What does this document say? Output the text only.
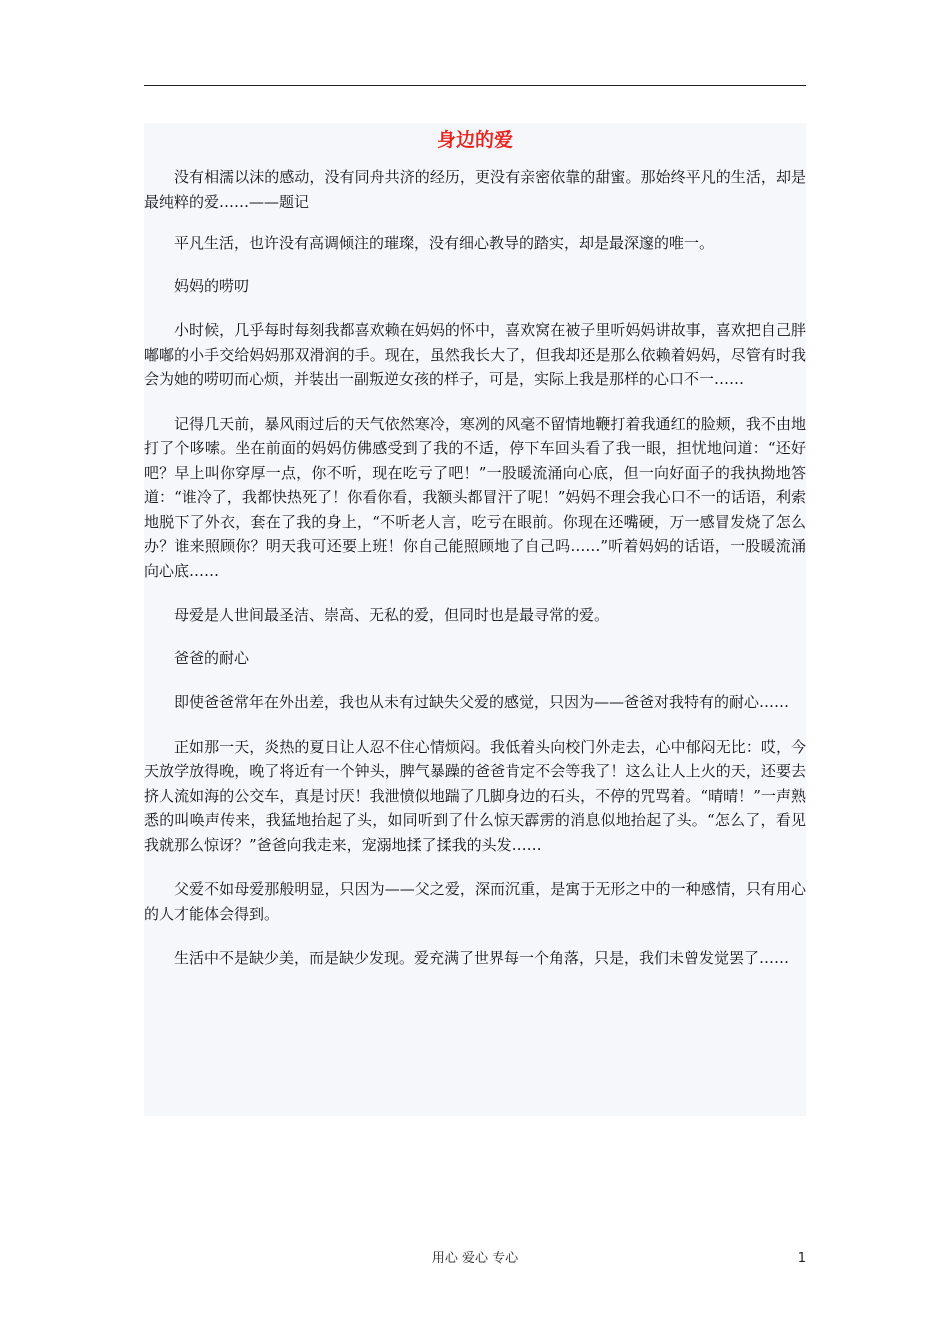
身边的爱

没有相濡以沫的感动，没有同舟共济的经历，更没有亲密依靠的甜蜜。那始终平凡的生活，却是最纯粹的爱……——题记

平凡生活，也许没有高调倾注的璀璨，没有细心教导的踏实，却是最深邃的唯一。

妈妈的唠叨

小时候，几乎每时每刻我都喜欢赖在妈妈的怀中，喜欢窝在被子里听妈妈讲故事，喜欢把自己胖嘟嘟的小手交给妈妈那双滑润的手。现在，虽然我长大了，但我却还是那么依赖着妈妈，尽管有时我会为她的唠叨而心烦，并装出一副叛逆女孩的样子，可是，实际上我是那样的心口不一……

记得几天前，暴风雨过后的天气依然寒冷，寒冽的风毫不留情地鞭打着我通红的脸颊，我不由地打了个哆嗦。坐在前面的妈妈仿佛感受到了我的不适，停下车回头看了我一眼，担忧地问道：“还好吧？早上叫你穿厚一点，你不听，现在吃亏了吧！”一股暖流涌向心底，但一向好面子的我执拗地答道：“谁冷了，我都快热死了！你看你看，我额头都冒汗了呢！”妈妈不理会我心口不一的话语，利索地脱下了外衣，套在了我的身上，“不听老人言，吃亏在眼前。你现在还嘴硬，万一感冒发烧了怎么办？谁来照顾你？明天我可还要上班！你自己能照顾地了自己吗……”听着妈妈的话语，一股暖流涌向心底……

母爱是人世间最圣洁、崇高、无私的爱，但同时也是最寻常的爱。

爸爸的耐心

即使爸爸常年在外出差，我也从未有过缺失父爱的感觉，只因为——爸爸对我特有的耐心……

正如那一天，炎热的夏日让人忍不住心情烦闷。我低着头向校门外走去，心中郁闷无比：哎，今天放学放得晚，晚了将近有一个钟头，脾气暴躁的爸爸肯定不会等我了！这么让人上火的天，还要去挤人流如海的公交车，真是讨厌！我泄愤似地踹了几脚身边的石头，不停的咒骂着。“晴晴！”一声熟悉的叫唤声传来，我猛地抬起了头，如同听到了什么惊天霹雳的消息似地抬起了头。“怎么了，看见我就那么惊讶？”爸爸向我走来，宠溺地揉了揉我的头发……

父爱不如母爱那般明显，只因为——父之爱，深而沉重，是寓于无形之中的一种感情，只有用心的人才能体会得到。

生活中不是缺少美，而是缺少发现。爱充满了世界每一个角落，只是，我们未曾发觉罢了……

用心 爱心 专心	1
